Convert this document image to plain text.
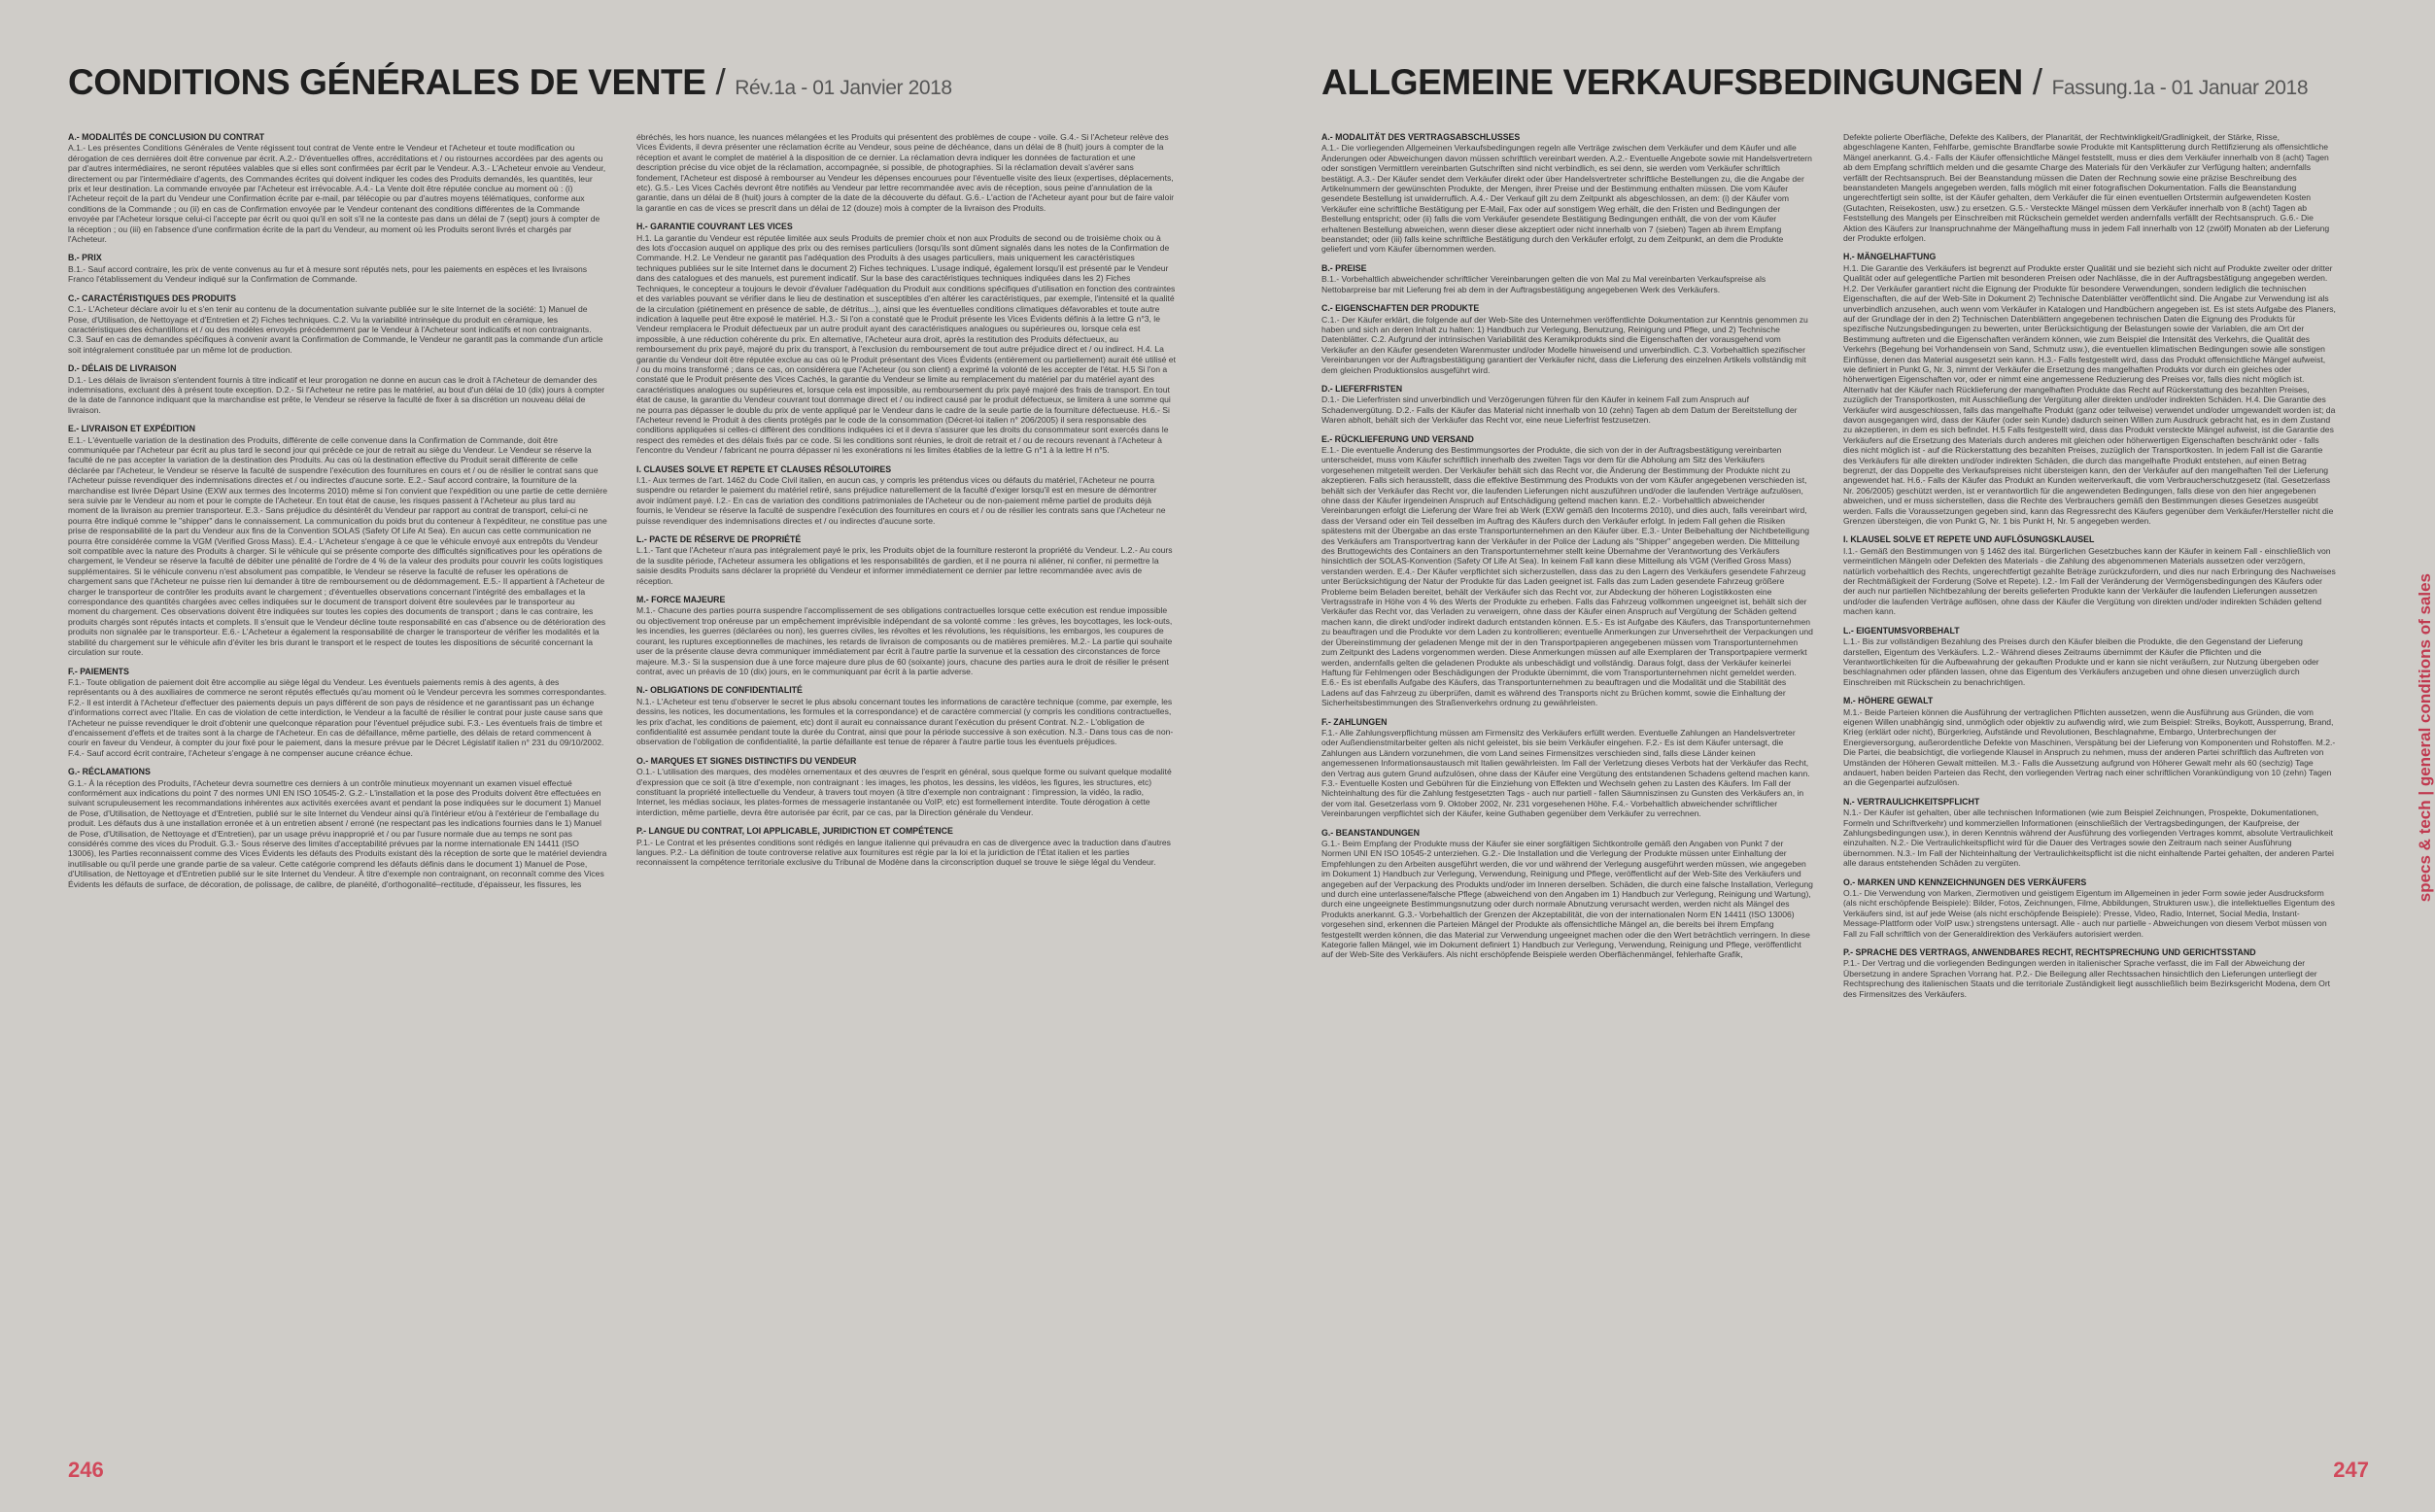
CONDITIONS GÉNÉRALES DE VENTE / Rév.1a - 01 Janvier 2018
A.- MODALITÉS DE CONCLUSION DU CONTRAT

A.1.- Les présentes Conditions Générales de Vente régissent tout contrat de Vente entre le Vendeur et l'Acheteur et toute modification ou dérogation de ces dernières doit être convenue par écrit. A.2.- D'éventuelles offres, accréditations et / ou ristournes accordées par des agents ou par d'autres intermédiaires, ne seront réputées valables que si elles sont confirmées par écrit par le Vendeur. A.3.- L'Acheteur envoie au Vendeur, directement ou par l'intermédiaire d'agents, des Commandes écrites qui doivent indiquer les codes des Produits demandés, les quantités, leur prix et leur destination. La commande envoyée par l'Acheteur est irrévocable. A.4.- La Vente doit être réputée conclue au moment où : (i) l'Acheteur reçoit de la part du Vendeur une Confirmation écrite par e-mail, par télécopie ou par d'autres moyens télématiques, conforme aux conditions de la Commande ; ou (ii) en cas de Confirmation envoyée par le Vendeur contenant des conditions différentes de la Commande envoyée par l'Acheteur lorsque celui-ci l'accepte par écrit ou quoi qu'il en soit s'il ne la conteste pas dans un délai de 7 (sept) jours à compter de la réception ; ou (iii) en l'absence d'une confirmation écrite de la part du Vendeur, au moment où les Produits seront livrés et chargés par l'Acheteur.

B.- PRIX

B.1.- Sauf accord contraire, les prix de vente convenus au fur et à mesure sont réputés nets, pour les paiements en espèces et les livraisons Franco l'établissement du Vendeur indiqué sur la Confirmation de Commande.

C.- CARACTÉRISTIQUES DES PRODUITS

C.1.- L'Acheteur déclare avoir lu et s'en tenir au contenu de la documentation suivante publiée sur le site Internet de la société: 1) Manuel de Pose, d'Utilisation, de Nettoyage et d'Entretien et 2) Fiches techniques. C.2. Vu la variabilité intrinsèque du produit en céramique, les caractéristiques des échantillons et / ou des modèles envoyés précédemment par le Vendeur à l'Acheteur sont indicatifs et non contraignants. C.3. Sauf en cas de demandes spécifiques à convenir avant la Confirmation de Commande, le Vendeur ne garantit pas la commande d'un article soit intégralement constituée par un même lot de production.

D.- DÉLAIS DE LIVRAISON

D.1.- Les délais de livraison s'entendent fournis à titre indicatif et leur prorogation ne donne en aucun cas le droit à l'Acheteur de demander des indemnisations, excluant dès à présent toute exception. D.2.- Si l'Acheteur ne retire pas le matériel, au bout d'un délai de 10 (dix) jours à compter de la date de l'annonce indiquant que la marchandise est prête, le Vendeur se réserve la faculté de fixer à sa discrétion un nouveau délai de livraison.

E.- LIVRAISON ET EXPÉDITION

E.1.- L'éventuelle variation de la destination des Produits, différente de celle convenue dans la Confirmation de Commande, doit être communiquée par l'Acheteur par écrit au plus tard le second jour qui précède ce jour de retrait au siège du Vendeur. Le Vendeur se réserve la faculté de ne pas accepter la variation de la destination des Produits. Au cas où la destination effective du Produit serait différente de celle déclarée par l'Acheteur, le Vendeur se réserve la faculté de suspendre l'exécution des fournitures en cours et / ou de résilier le contrat sans que l'Acheteur puisse revendiquer des indemnisations directes et / ou indirectes d'aucune sorte. E.2.- Sauf accord contraire, la fourniture de la marchandise est livrée Départ Usine (EXW aux termes des Incoterms 2010) même si l'on convient que l'expédition ou une partie de cette dernière sera suivie par le Vendeur au nom et pour le compte de l'Acheteur. En tout état de cause, les risques passent à l'Acheteur au plus tard au moment de la livraison au premier transporteur. E.3.- Sans préjudice du désintérêt du Vendeur par rapport au contrat de transport, celui-ci ne pourra être indiqué comme le "shipper" dans le connaissement. La communication du poids brut du conteneur à l'expéditeur, ne constitue pas une prise de responsabilité de la part du Vendeur aux fins de la Convention SOLAS (Safety Of Life At Sea). En aucun cas cette communication ne pourra être considérée comme la VGM (Verified Gross Mass). E.4.- L'Acheteur s'engage à ce que le véhicule envoyé aux entrepôts du Vendeur soit compatible avec la nature des Produits à charger. Si le véhicule qui se présente comporte des difficultés significatives pour les opérations de chargement, le Vendeur se réserve la faculté de débiter une pénalité de l'ordre de 4 % de la valeur des produits pour couvrir les coûts logistiques supplémentaires. Si le véhicule convenu n'est absolument pas compatible, le Vendeur se réserve la faculté de refuser les opérations de chargement sans que l'Acheteur ne puisse rien lui demander à titre de remboursement ou de dédommagement. E.5.- Il appartient à l'Acheteur de charger le transporteur de contrôler les produits avant le chargement ; d'éventuelles observations concernant l'intégrité des emballages et la correspondance des quantités chargées avec celles indiquées sur le document de transport doivent être soulevées par le transporteur au moment du chargement. Ces observations doivent être indiquées sur toutes les copies des documents de transport ; dans le cas contraire, les produits chargés sont réputés intacts et complets. Il s'ensuit que le Vendeur décline toute responsabilité en cas d'absence ou de détérioration des produits non signalée par le transporteur. E.6.- L'Acheteur a également la responsabilité de charger le transporteur de vérifier les modalités et la stabilité du chargement sur le véhicule afin d'éviter les bris durant le transport et le respect de toutes les dispositions de sécurité concernant la circulation sur route.

F.- PAIEMENTS

F.1.- Toute obligation de paiement doit être accomplie au siège légal du Vendeur. Les éventuels paiements remis à des agents, à des représentants ou à des auxiliaires de commerce ne seront réputés effectués qu'au moment où le Vendeur percevra les sommes correspondantes. F.2.- Il est interdit à l'Acheteur d'effectuer des paiements depuis un pays différent de son pays de résidence et ne garantissant pas un échange d'informations correct avec l'Italie. En cas de violation de cette interdiction, le Vendeur a la faculté de résilier le contrat pour juste cause sans que l'Acheteur ne puisse revendiquer le droit d'obtenir une quelconque réparation pour l'éventuel préjudice subi. F.3.- Les éventuels frais de timbre et d'encaissement d'effets et de traites sont à la charge de l'Acheteur. En cas de défaillance, même partielle, des délais de retard commencent à courir en faveur du Vendeur, à compter du jour fixé pour le paiement, dans la mesure prévue par le Décret Législatif italien n° 231 du 09/10/2002. F.4.- Sauf accord écrit contraire, l'Acheteur s'engage à ne compenser aucune créance échue.

G.- RÉCLAMATIONS

G.1.- À la réception des Produits, l'Acheteur devra soumettre ces derniers à un contrôle minutieux moyennant un examen visuel effectué conformément aux indications du point 7 des normes UNI EN ISO 10545-2. G.2.- L'installation et la pose des Produits doivent être effectuées en suivant scrupuleusement les recommandations inhérentes aux activités exercées avant et pendant la pose indiquées sur le document 1) Manuel de Pose, d'Utilisation, de Nettoyage et d'Entretien, publié sur le site Internet du Vendeur ainsi qu'à l'intérieur et/ou à l'extérieur de l'emballage du produit. Les défauts dus à une installation erronée et à un entretien absent / erroné (ne respectant pas les indications fournies dans le 1) Manuel de Pose, d'Utilisation, de Nettoyage et d'Entretien), par un usage prévu inapproprié et / ou par l'usure normale due au temps ne sont pas considérés comme des vices du Produit. G.3.- Sous réserve des limites d'acceptabilité prévues par la norme internationale EN 14411 (ISO 13006), les Parties reconnaissent comme des Vices Évidents les défauts des Produits existant dès la réception de sorte que le matériel deviendra inutilisable ou qu'il perde une grande partie de sa valeur. Cette catégorie comprend les défauts définis dans le document 1) Manuel de Pose, d'Utilisation, de Nettoyage et d'Entretien publié sur le site Internet du Vendeur. À titre d'exemple non contraignant, on reconnaît comme des Vices Évidents les défauts de surface, de décoration, de polissage, de calibre, de planéité, d'orthogonalité–rectitude, d'épaisseur, les fissures, les

ébréchés, les hors nuance, les nuances mélangées et les Produits qui présentent des problèmes de coupe - voile. G.4.- Si l'Acheteur relève des Vices Évidents, il devra présenter une réclamation écrite au Vendeur, sous peine de déchéance, dans un délai de 8 (huit) jours à compter de la réception et avant le complet de matériel à la disposition de ce dernier. La réclamation devra indiquer les données de facturation et une description précise du vice objet de la réclamation, accompagnée, si possible, de photographies. Si la réclamation devait s'avérer sans fondement, l'Acheteur est disposé à rembourser au Vendeur les dépenses encourues pour l'éventuelle visite des lieux (expertises, déplacements, etc). G.5.- Les Vices Cachés devront être notifiés au Vendeur par lettre recommandée avec avis de réception, sous peine d'annulation de la garantie, dans un délai de 8 (huit) jours à compter de la date de la découverte du défaut. G.6.- L'action de l'Acheteur ayant pour but de faire valoir la garantie en cas de vices se prescrit dans un délai de 12 (douze) mois à compter de la livraison des Produits.

H.- GARANTIE COUVRANT LES VICES

H.1. La garantie du Vendeur est réputée limitée aux seuls Produits de premier choix et non aux Produits de second ou de troisième choix ou à des lots d'occasion auquel on applique des prix ou des remises particuliers (lorsqu'ils sont dûment signalés dans les notes de la Confirmation de Commande. H.2. Le Vendeur ne garantit pas l'adéquation des Produits à des usages particuliers, mais uniquement les caractéristiques techniques publiées sur le site Internet dans le document 2) Fiches techniques. L'usage indiqué, également lorsqu'il est présenté par le Vendeur dans des catalogues et des manuels, est purement indicatif. Sur la base des caractéristiques techniques indiquées dans les 2) Fiches Techniques, le concepteur a toujours le devoir d'évaluer l'adéquation du Produit aux conditions spécifiques d'utilisation en fonction des contraintes et des variables pouvant se vérifier dans le lieu de destination et susceptibles d'en altérer les caractéristiques, par exemple, l'intensité et la qualité de la circulation (piétinement en présence de sable, de détritus...), ainsi que les éventuelles conditions climatiques défavorables et toute autre indication à laquelle peut être exposé le matériel. H.3.- Si l'on a constaté que le Produit présente les Vices Évidents définis à la lettre G n°3, le Vendeur remplacera le Produit défectueux par un autre produit ayant des caractéristiques analogues ou supérieures ou, lorsque cela est impossible, à une réduction cohérente du prix. En alternative, l'Acheteur aura droit, après la restitution des Produits défectueux, au remboursement du prix payé, majoré du prix du transport, à l'exclusion du remboursement de tout autre préjudice direct et / ou indirect. H.4. La garantie du Vendeur doit être réputée exclue au cas où le Produit présentant des Vices Évidents (entièrement ou partiellement) aurait été utilisé et / ou du moins transformé ; dans ce cas, on considérera que l'Acheteur (ou son client) a exprimé la volonté de les accepter de l'état. H.5 Si l'on a constaté que le Produit présente des Vices Cachés, la garantie du Vendeur se limite au remplacement du matériel par du matériel ayant des caractéristiques analogues ou supérieures et, lorsque cela est impossible, au remboursement du prix payé majoré des frais de transport. En tout état de cause, la garantie du Vendeur couvrant tout dommage direct et / ou indirect causé par le produit défectueux, se limitera à une somme qui ne pourra pas dépasser le double du prix de vente appliqué par le Vendeur dans le cadre de la seule partie de la fourniture défectueuse. H.6.- Si l'Acheteur revend le Produit à des clients protégés par le code de la consommation (Décret-loi italien n° 206/2005) il sera responsable des conditions appliquées si celles-ci diffèrent des conditions indiquées ici et il devra s'assurer que les droits du consommateur sont exercés dans le respect des remèdes et des délais fixés par ce code. Si les conditions sont réunies, le droit de retrait et / ou de recours revenant à l'Acheteur à l'encontre du Vendeur / fabricant ne pourra dépasser ni les exonérations ni les limites établies de la lettre G n°1 à la lettre H n°5.

I. CLAUSES SOLVE ET REPETE ET CLAUSES RÉSOLUTOIRES

I.1.- Aux termes de l'art. 1462 du Code Civil italien, en aucun cas, y compris les prétendus vices ou défauts du matériel, l'Acheteur ne pourra suspendre ou retarder le paiement du matériel retiré, sans préjudice naturellement de la faculté d'exiger lorsqu'il est en mesure de démontrer avoir indûment payé. I.2.- En cas de variation des conditions patrimoniales de l'Acheteur ou de non-paiement même partiel de produits déjà fournis, le Vendeur se réserve la faculté de suspendre l'exécution des fournitures en cours et / ou de résilier les contrats sans que l'Acheteur ne puisse revendiquer des indemnisations directes et / ou indirectes d'aucune sorte.

L.- PACTE DE RÉSERVE DE PROPRIÉTÉ

L.1.- Tant que l'Acheteur n'aura pas intégralement payé le prix, les Produits objet de la fourniture resteront la propriété du Vendeur. L.2.- Au cours de la susdite période, l'Acheteur assumera les obligations et les responsabilités de gardien, et il ne pourra ni aliéner, ni confier, ni permettre la saisie desdits Produits sans déclarer la propriété du Vendeur et informer immédiatement ce dernier par lettre recommandée avec avis de réception.

M.- FORCE MAJEURE

M.1.- Chacune des parties pourra suspendre l'accomplissement de ses obligations contractuelles lorsque cette exécution est rendue impossible ou objectivement trop onéreuse par un empêchement imprévisible indépendant de sa volonté comme : les grèves, les boycottages, les lock-outs, les incendies, les guerres (déclarées ou non), les guerres civiles, les révoltes et les révolutions, les réquisitions, les embargos, les coupures de courant, les ruptures exceptionnelles de machines, les retards de livraison de composants ou de matières premières. M.2.- La partie qui souhaite user de la présente clause devra communiquer immédiatement par écrit à l'autre partie la survenue et la cessation des circonstances de force majeure. M.3.- Si la suspension due à une force majeure dure plus de 60 (soixante) jours, chacune des parties aura le droit de résilier le présent contrat, avec un préavis de 10 (dix) jours, en le communiquant par écrit à la partie adverse.

N.- OBLIGATIONS DE CONFIDENTIALITÉ

N.1.- L'Acheteur est tenu d'observer le secret le plus absolu concernant toutes les informations de caractère technique (comme, par exemple, les dessins, les notices, les documentations, les formules et la correspondance) et de caractère commercial (y compris les conditions contractuelles, les prix d'achat, les conditions de paiement, etc) dont il aurait eu connaissance durant l'exécution du présent Contrat. N.2.- L'obligation de confidentialité est assumée pendant toute la durée du Contrat, ainsi que pour la période successive à son exécution. N.3.- Dans tous cas de non-observation de l'obligation de confidentialité, la partie défaillante est tenue de réparer à l'autre partie tous les éventuels préjudices.

O.- MARQUES ET SIGNES DISTINCTIFS DU VENDEUR

O.1.- L'utilisation des marques, des modèles ornementaux et des œuvres de l'esprit en général, sous quelque forme ou suivant quelque modalité d'expression que ce soit (à titre d'exemple, non contraignant : les images, les photos, les dessins, les vidéos, les figures, les structures, etc) constituant la propriété intellectuelle du Vendeur, à travers tout moyen (à titre d'exemple non contraignant : l'impression, la vidéo, la radio, Internet, les médias sociaux, les plates-formes de messagerie instantanée ou VoIP, etc) est formellement interdite. Toute dérogation à cette interdiction, même partielle, devra être autorisée par écrit, par ce cas, par la Direction générale du Vendeur.

P.- LANGUE DU CONTRAT, LOI APPLICABLE, JURIDICTION ET COMPÉTENCE

P.1.- Le Contrat et les présentes conditions sont rédigés en langue italienne qui prévaudra en cas de divergence avec la traduction dans d'autres langues. P.2.- La définition de toute controverse relative aux fournitures est régie par la loi et la juridiction de l'État italien et les parties reconnaissent la compétence territoriale exclusive du Tribunal de Modène dans la circonscription duquel se trouve le siège légal du Vendeur.

246
ALLGEMEINE VERKAUFSBEDINGUNGEN / Fassung.1a - 01 Januar 2018
A.- MODALITÄT DES VERTRAGSABSCHLUSSES

A.1.- Die vorliegenden Allgemeinen Verkaufsbedingungen regeln alle Verträge zwischen dem Verkäufer und dem Käufer und alle Änderungen oder Abweichungen davon müssen schriftlich vereinbart werden. A.2.- Eventuelle Angebote sowie mit Handelsvertretern oder sonstigen Vermittlern vereinbarten Gutschriften sind nicht verbindlich, es sei denn, sie werden vom Verkäufer schriftlich bestätigt. A.3.- Der Käufer sendet dem Verkäufer direkt oder über Handelsvertreter schriftliche Bestellungen zu, die die Angabe der Artikelnummern der gewünschten Produkte, der Mengen, ihrer Preise und der Bestimmung enthalten müssen. Die vom Käufer gesendete Bestellung ist unwiderruflich. A.4.- Der Verkauf gilt zu dem Zeitpunkt als abgeschlossen, an dem: (i) der Käufer vom Verkäufer eine schriftliche Bestätigung per E-Mail, Fax oder auf sonstigem Weg erhält, die den Fristen und Bedingungen der Bestellung entspricht; oder (ii) falls die vom Verkäufer gesendete Bestätigung Bedingungen enthält, die von der vom Käufer erhaltenen Bestellung abweichen, wenn dieser diese akzeptiert oder nicht innerhalb von 7 (sieben) Tagen ab ihrem Empfang beanstandet; oder (iii) falls keine schriftliche Bestätigung durch den Verkäufer erfolgt, zu dem Zeitpunkt, an dem die Produkte geliefert und vom Käufer übernommen werden.

B.- PREISE

B.1.- Vorbehaltlich abweichender schriftlicher Vereinbarungen gelten die von Mal zu Mal vereinbarten Verkaufspreise als Nettobarpreise bar mit Lieferung frei ab dem in der Auftragsbestätigung angegebenen Werk des Verkäufers.

C.- EIGENSCHAFTEN DER PRODUKTE

C.1.- Der Käufer erklärt, die folgende auf der Web-Site des Unternehmen veröffentlichte Dokumentation zur Kenntnis genommen zu haben und sich an deren Inhalt zu halten: 1) Handbuch zur Verlegung, Benutzung, Reinigung und Pflege, und 2) Technische Datenblätter. C.2. Aufgrund der intrinsischen Variabilität des Keramikprodukts sind die Eigenschaften der vorausgehend vom Verkäufer an den Käufer gesendeten Warenmuster und/oder Modelle hinweisend und unverbindlich. C.3. Vorbehaltlich spezifischer Vereinbarungen vor der Auftragsbestätigung garantiert der Verkäufer nicht, dass die Lieferung des einzelnen Artikels vollständig mit dem gleichen Produktionslos ausgeführt wird.

D.- LIEFERFRISTEN

D.1.- Die Lieferfristen sind unverbindlich und Verzögerungen führen für den Käufer in keinem Fall zum Anspruch auf Schadenvergütung. D.2.- Falls der Käufer das Material nicht innerhalb von 10 (zehn) Tagen ab dem Datum der Bereitstellung der Waren abholt, behält sich der Verkäufer das Recht vor, eine neue Lieferfrist festzusetzen.

E.- RÜCKLIEFERUNG UND VERSAND

E.1.- Die eventuelle Änderung des Bestimmungsortes der Produkte, die sich von der in der Auftragsbestätigung vereinbarten unterscheidet, muss vom Käufer schriftlich innerhalb des zweiten Tags vor dem für die Abholung am Sitz des Verkäufers vorgesehenen mitgeteilt werden. Der Verkäufer behält sich das Recht vor, die Änderung der Bestimmung der Produkte nicht zu akzeptieren. Falls sich herausstellt, dass die effektive Bestimmung des Produkts von der vom Käufer angegebenen verschieden ist, behält sich der Verkäufer das Recht vor, die laufenden Lieferungen nicht auszuführen und/oder die laufenden Verträge aufzulösen, ohne dass der Käufer irgendeinen Anspruch auf Entschädigung geltend machen kann. E.2.- Vorbehaltlich abweichender Vereinbarungen erfolgt die Lieferung der Ware frei ab Werk (EXW gemäß den Incoterms 2010), und dies auch, falls vereinbart wird, dass der Versand oder ein Teil desselben im Auftrag des Käufers durch den Verkäufer erfolgt. In jedem Fall gehen die Risiken spätestens mit der Übergabe an das erste Transportunternehmen an den Käufer über. E.3.- Unter Beibehaltung der Nichtbeteiligung des Verkäufers am Transportvertrag kann der Verkäufer in der Police der Ladung als "Shipper" angegeben werden. Die Mitteilung des Bruttogewichts des Containers an den Transportunternehmer stellt keine Übernahme der Verantwortung des Verkäufers hinsichtlich der SOLAS-Konvention (Safety Of Life At Sea). In keinem Fall kann diese Mitteilung als VGM (Verified Gross Mass) verstanden werden. E.4.- Der Käufer verpflichtet sich sicherzustellen, dass das zu den Lagern des Verkäufers gesendete Fahrzeug unter Berücksichtigung der Natur der Produkte für das Laden geeignet ist. Falls das zum Laden gesendete Fahrzeug größere Probleme beim Beladen bereitet, behält der Verkäufer sich das Recht vor, zur Abdeckung der höheren Logistikkosten eine Vertragsstrafe in Höhe von 4 % des Werts der Produkte zu erheben. Falls das Fahrzeug vollkommen ungeeignet ist, behält sich der Verkäufer das Recht vor, das Verladen zu verweigern, ohne dass der Käufer einen Anspruch auf Vergütung der Schäden geltend machen kann, die direkt und/oder indirekt dadurch entstanden können. E.5.- Es ist Aufgabe des Käufers, das Transportunternehmen zu beauftragen und die Produkte vor dem Laden zu kontrollieren; eventuelle Anmerkungen zur Unversehrtheit der Verpackungen und der Übereinstimmung der geladenen Menge mit der in den Transportpapieren angegebenen müssen vom Transportunternehmen zum Zeitpunkt des Ladens vorgenommen werden. Diese Anmerkungen müssen auf alle Exemplaren der Transportpapiere vermerkt werden, andernfalls gelten die geladenen Produkte als unbeschädigt und vollständig. Daraus folgt, dass der Verkäufer keinerlei Haftung für Fehlmengen oder Beschädigungen der Produkte übernimmt, die vom Transportunternehmen nicht gemeldet werden. E.6.- Es ist ebenfalls Aufgabe des Käufers, das Transportunternehmen zu beauftragen und die Modalität und die Stabilität des Ladens auf das Fahrzeug zu überprüfen, damit es während des Transports nicht zu Brüchen kommt, sowie die Einhaltung der Sicherheitsbestimmungen des Straßenverkehrs ordnung zu gewährleisten.

F.- ZAHLUNGEN

F.1.- Alle Zahlungsverpflichtung müssen am Firmensitz des Verkäufers erfüllt werden. Eventuelle Zahlungen an Handelsvertreter oder Außendienstmitarbeiter gelten als nicht geleistet, bis sie beim Verkäufer eingehen. F.2.- Es ist dem Käufer untersagt, die Zahlungen aus Ländern vorzunehmen, die vom Land seines Firmensitzes verschieden sind, falls diese Länder keinen angemessenen Informationsaustausch mit Italien gewährleisten. Im Fall der Verletzung dieses Verbots hat der Verkäufer das Recht, den Vertrag aus gutem Grund aufzulösen, ohne dass der Käufer eine Vergütung des entstandenen Schadens geltend machen kann. F.3.- Eventuelle Kosten und Gebühren für die Einziehung von Effekten und Wechseln gehen zu Lasten des Käufers. Im Fall der Nichteinhaltung des für die Zahlung festgesetzten Tags - auch nur partiell - fallen Säumniszinsen zu Gunsten des Verkäufers an, in der vom ital. Gesetzerlass vom 9. Oktober 2002, Nr. 231 vorgesehenen Höhe. F.4.- Vorbehaltlich abweichender schriftlicher Vereinbarungen verpflichtet sich der Käufer, keine Guthaben gegenüber dem Verkäufer zu verrechnen.

G.- BEANSTANDUNGEN

G.1.- Beim Empfang der Produkte muss der Käufer sie einer sorgfältigen Sichtkontrolle gemäß den Angaben von Punkt 7 der Normen UNI EN ISO 10545-2 unterziehen. G.2.- Die Installation und die Verlegung der Produkte müssen unter Einhaltung der Empfehlungen zu den Arbeiten ausgeführt werden, die vor und während der Verlegung ausgeführt werden müssen, wie angegeben im Dokument 1) Handbuch zur Verlegung, Verwendung, Reinigung und Pflege, veröffentlicht auf der Web-Site des Verkäufers und angegeben auf der Verpackung des Produkts und/oder im Inneren derselben. Schäden, die durch eine falsche Installation, Verlegung und durch eine unterlassene/falsche Pflege (abweichend von den Angaben im 1) Handbuch zur Verlegung, Reinigung und Wartung), durch eine ungeeignete Bestimmungsnutzung oder durch normale Abnutzung verursacht werden, werden nicht als Mängel des Produkts anerkannt. G.3.- Vorbehaltlich der Grenzen der Akzeptabilität, die von der internationalen Norm EN 14411 (ISO 13006) vorgesehen sind, erkennen die Parteien Mängel der Produkte als offensichtliche Mängel an, die bereits bei ihrem Empfang festgestellt werden können, die das Material zur Verwendung ungeeignet machen oder die den Wert beträchtlich verringern. In diese Kategorie fallen Mängel, wie im Dokument definiert 1) Handbuch zur Verlegung, Verwendung, Reinigung und Pflege, veröffentlicht auf der Web-Site des Verkäufers. Als nicht erschöpfende Beispiele werden Oberflächenmängel, fehlerhafte Grafik,

Defekte polierte Oberfläche, Defekte des Kalibers, der Planarität, der Rechtwinkligkeit/Gradlinigkeit, der Stärke, Risse, abgeschlagene Kanten, Fehlfarbe, gemischte Brandfarbe sowie Produkte mit Kantsplitterung durch Rettifizierung als offensichtliche Mängel anerkannt. G.4.- Falls der Käufer offensichtliche Mängel feststellt, muss er dies dem Verkäufer innerhalb von 8 (acht) Tagen ab dem Empfang schriftlich melden und die gesamte Charge des Materials für den Verkäufer zur Verfügung halten; andernfalls verfällt der Rechtsanspruch. Bei der Beanstandung müssen die Daten der Rechnung sowie eine präzise Beschreibung des beanstandeten Mangels angegeben werden, falls möglich mit einer fotografischen Dokumentation. Falls die Beanstandung ungerechtfertigt sein sollte, ist der Käufer gehalten, dem Verkäufer die für einen eventuellen Ortstermin aufgewendeten Kosten (Gutachten, Reisekosten, usw.) zu ersetzen. G.5.- Versteckte Mängel müssen dem Verkäufer innerhalb von 8 (acht) Tagen ab Feststellung des Mangels per Einschreiben mit Rückschein gemeldet werden andernfalls verfällt der Rechtsanspruch. G.6.- Die Aktion des Käufers zur Inanspruchnahme der Mängelhaftung muss in jedem Fall innerhalb von 12 (zwölf) Monaten ab der Lieferung der Produkte erfolgen.

H.- MÄNGELHAFTUNG

H.1. Die Garantie des Verkäufers ist begrenzt auf Produkte erster Qualität und sie bezieht sich nicht auf Produkte zweiter oder dritter Qualität oder auf gelegentliche Partien mit besonderen Preisen oder Nachlässe, die in der Auftragsbestätigung angegeben werden. H.2. Der Verkäufer garantiert nicht die Eignung der Produkte für besondere Verwendungen, sondern lediglich die technischen Eigenschaften, die auf der Web-Site in Dokument 2) Technische Datenblätter veröffentlicht sind. Die Angabe zur Verwendung ist als unverbindlich anzusehen, auch wenn vom Verkäufer in Katalogen und Handbüchern angegeben ist. Es ist stets Aufgabe des Planers, auf der Grundlage der in den 2) Technischen Datenblättern angegebenen technischen Daten die Eignung des Produkts für spezifische Nutzungsbedingungen zu bewerten, unter Berücksichtigung der Belastungen sowie der Variablen, die am Ort der Bestimmung auftreten und die Eigenschaften verändern können, wie zum Beispiel die Intensität des Verkehrs, die Qualität des Verkehrs (Begehung bei Vorhandensein von Sand, Schmutz usw.), die eventuellen klimatischen Bedingungen sowie alle sonstigen Einflüsse, denen das Material ausgesetzt sein kann. H.3.- Falls festgestellt wird, dass das Produkt offensichtliche Mängel aufweist, wie definiert in Punkt G, Nr. 3, nimmt der Verkäufer die Ersetzung des mangelhaften Produkts vor durch ein gleiches oder höherwertigen Eigenschaften vor, oder er nimmt eine angemessene Reduzierung des Preises vor, falls dies nicht möglich ist. Alternativ hat der Käufer nach Rücklieferung der mangelhaften Produkte das Recht auf Rückerstattung des bezahlten Preises, zuzüglich der Transportkosten, mit Ausschließung der Vergütung aller direkten und/oder indirekten Schäden. H.4. Die Garantie des Verkäufer wird ausgeschlossen, falls das mangelhafte Produkt (ganz oder teilweise) verwendet und/oder umgewandelt worden ist; da davon ausgegangen wird, dass der Käufer (oder sein Kunde) dadurch seinen Willen zum Ausdruck gebracht hat, es in dem Zustand zu akzeptieren, in dem es sich befindet. H.5 Falls festgestellt wird, dass das Produkt versteckte Mängel aufweist, ist die Garantie des Verkäufers auf die Ersetzung des Materials durch anderes mit gleichen oder höherwertigen Eigenschaften beschränkt oder - falls dies nicht möglich ist - auf die Rückerstattung des bezahlten Preises, zuzüglich der Transportkosten. In jedem Fall ist die Garantie des Verkäufers für alle direkten und/oder indirekten Schäden, die durch das mangelhafte Produkt entstehen, auf einen Betrag begrenzt, der das Doppelte des Verkaufspreises nicht übersteigen kann, den der Verkäufer auf den mangelhaften Teil der Lieferung angewendet hat. H.6.- Falls der Käufer das Produkt an Kunden weiterverkauft, die vom Verbraucherschutzgesetz (ital. Gesetzerlass Nr. 206/2005) geschützt werden, ist er verantwortlich für die angewendeten Bedingungen, falls diese von den hier angegebenen abweichen, und er muss sicherstellen, dass die Rechte des Verbrauchers gemäß den Bestimmungen dieses Gesetzes ausgeübt werden. Falls die Voraussetzungen gegeben sind, kann das Regressrecht des Käufers gegenüber dem Verkäufer/Hersteller nicht die Grenzen übersteigen, die von Punkt G, Nr. 1 bis Punkt H, Nr. 5 angegeben werden.

I. KLAUSEL SOLVE ET REPETE UND AUFLÖSUNGSKLAUSEL

I.1.- Gemäß den Bestimmungen von § 1462 des ital. Bürgerlichen Gesetzbuches kann der Käufer in keinem Fall - einschließlich von vermeintlichen Mängeln oder Defekten des Materials - die Zahlung des abgenommenen Materials aussetzen oder verzögern, natürlich vorbehaltlich des Rechts, ungerechtfertigt gezahlte Beträge zurückzufordern, und dies nur nach Erbringung des Nachweises der Rechtmäßigkeit der Forderung (Solve et Repete). I.2.- Im Fall der Veränderung der Vermögensbedingungen des Käufers oder der auch nur partiellen Nichtbezahlung der bereits gelieferten Produkte kann der Verkäufer die laufenden Lieferungen aussetzen und/oder die laufenden Verträge auflösen, ohne dass der Käufer die Vergütung von direkten und/oder indirekten Schäden geltend machen kann.

L.- EIGENTUMSVORBEHALT

L.1.- Bis zur vollständigen Bezahlung des Preises durch den Käufer bleiben die Produkte, die den Gegenstand der Lieferung darstellen, Eigentum des Verkäufers. L.2.- Während dieses Zeitraums übernimmt der Käufer die Pflichten und die Verantwortlichkeiten für die Aufbewahrung der gekauften Produkte und er kann sie nicht veräußern, zur Nutzung übergeben oder beschlagnahmen oder pfänden lassen, ohne das Eigentum des Verkäufers anzugeben und ohne diesen unverzüglich durch Einschreiben mit Rückschein zu benachrichtigen.

M.- HÖHERE GEWALT

M.1.- Beide Parteien können die Ausführung der vertraglichen Pflichten aussetzen, wenn die Ausführung aus Gründen, die vom eigenen Willen unabhängig sind, unmöglich oder objektiv zu aufwendig wird, wie zum Beispiel: Streiks, Boykott, Aussperrung, Brand, Krieg (erklärt oder nicht), Bürgerkrieg, Aufstände und Revolutionen, Beschlagnahme, Embargo, Unterbrechungen der Energieversorgung, außerordentliche Defekte von Maschinen, Verspätung bei der Lieferung von Komponenten und Rohstoffen. M.2.- Die Partei, die beabsichtigt, die vorliegende Klausel in Anspruch zu nehmen, muss der anderen Partei schriftlich das Auftreten von Umständen der Höheren Gewalt mitteilen. M.3.- Falls die Aussetzung aufgrund von Höherer Gewalt mehr als 60 (sechzig) Tage andauert, haben beiden Parteien das Recht, den vorliegenden Vertrag nach einer schriftlichen Vorankündigung von 10 (zehn) Tagen an die Gegenpartei aufzulösen.

N.- VERTRAULICHKEITSPFLICHT

N.1.- Der Käufer ist gehalten, über alle technischen Informationen (wie zum Beispiel Zeichnungen, Prospekte, Dokumentationen, Formeln und Schriftverkehr) und kommerziellen Informationen (einschließlich der Vertragsbedingungen, der Kaufpreise, der Zahlungsbedingungen usw.), in deren Kenntnis während der Ausführung des vorliegenden Vertrages kommt, absolute Vertraulichkeit einzuhalten. N.2.- Die Vertraulichkeitspflicht wird für die Dauer des Vertrages sowie den Zeitraum nach seiner Ausführung übernommen. N.3.- Im Fall der Nichteinhaltung der Vertraulichkeitspflicht ist die nicht einhaltende Partei gehalten, der anderen Partei alle daraus entstehenden Schäden zu vergüten.

O.- MARKEN UND KENNZEICHNUNGEN DES VERKÄUFERS

O.1.- Die Verwendung von Marken, Ziermotiven und geistigem Eigentum im Allgemeinen in jeder Form sowie jeder Ausdrucksform (als nicht erschöpfende Beispiele): Bilder, Fotos, Zeichnungen, Filme, Abbildungen, Strukturen usw.), die intellektuelles Eigentum des Verkäufers sind, ist auf jede Weise (als nicht erschöpfende Beispiele): Presse, Video, Radio, Internet, Social Media, Instant-Message-Plattform oder VoIP usw.) strengstens untersagt. Alle - auch nur partielle - Abweichungen von diesem Verbot müssen von Fall zu Fall schriftlich von der Generaldirektion des Verkäufers autorisiert werden.

P.- SPRACHE DES VERTRAGS, ANWENDBARES RECHT, RECHTSPRECHUNG UND GERICHTSSTAND

P.1.- Der Vertrag und die vorliegenden Bedingungen werden in italienischer Sprache verfasst, die im Fall der Abweichung der Übersetzung in andere Sprachen Vorrang hat. P.2.- Die Beilegung aller Rechtssachen hinsichtlich den Lieferungen unterliegt der Rechtsprechung des italienischen Staats und die territoriale Zuständigkeit liegt ausschließlich beim Bezirksgericht Modena, dem Ort des Firmensitzes des Verkäufers.

247
specs & tech | general conditions of sales
